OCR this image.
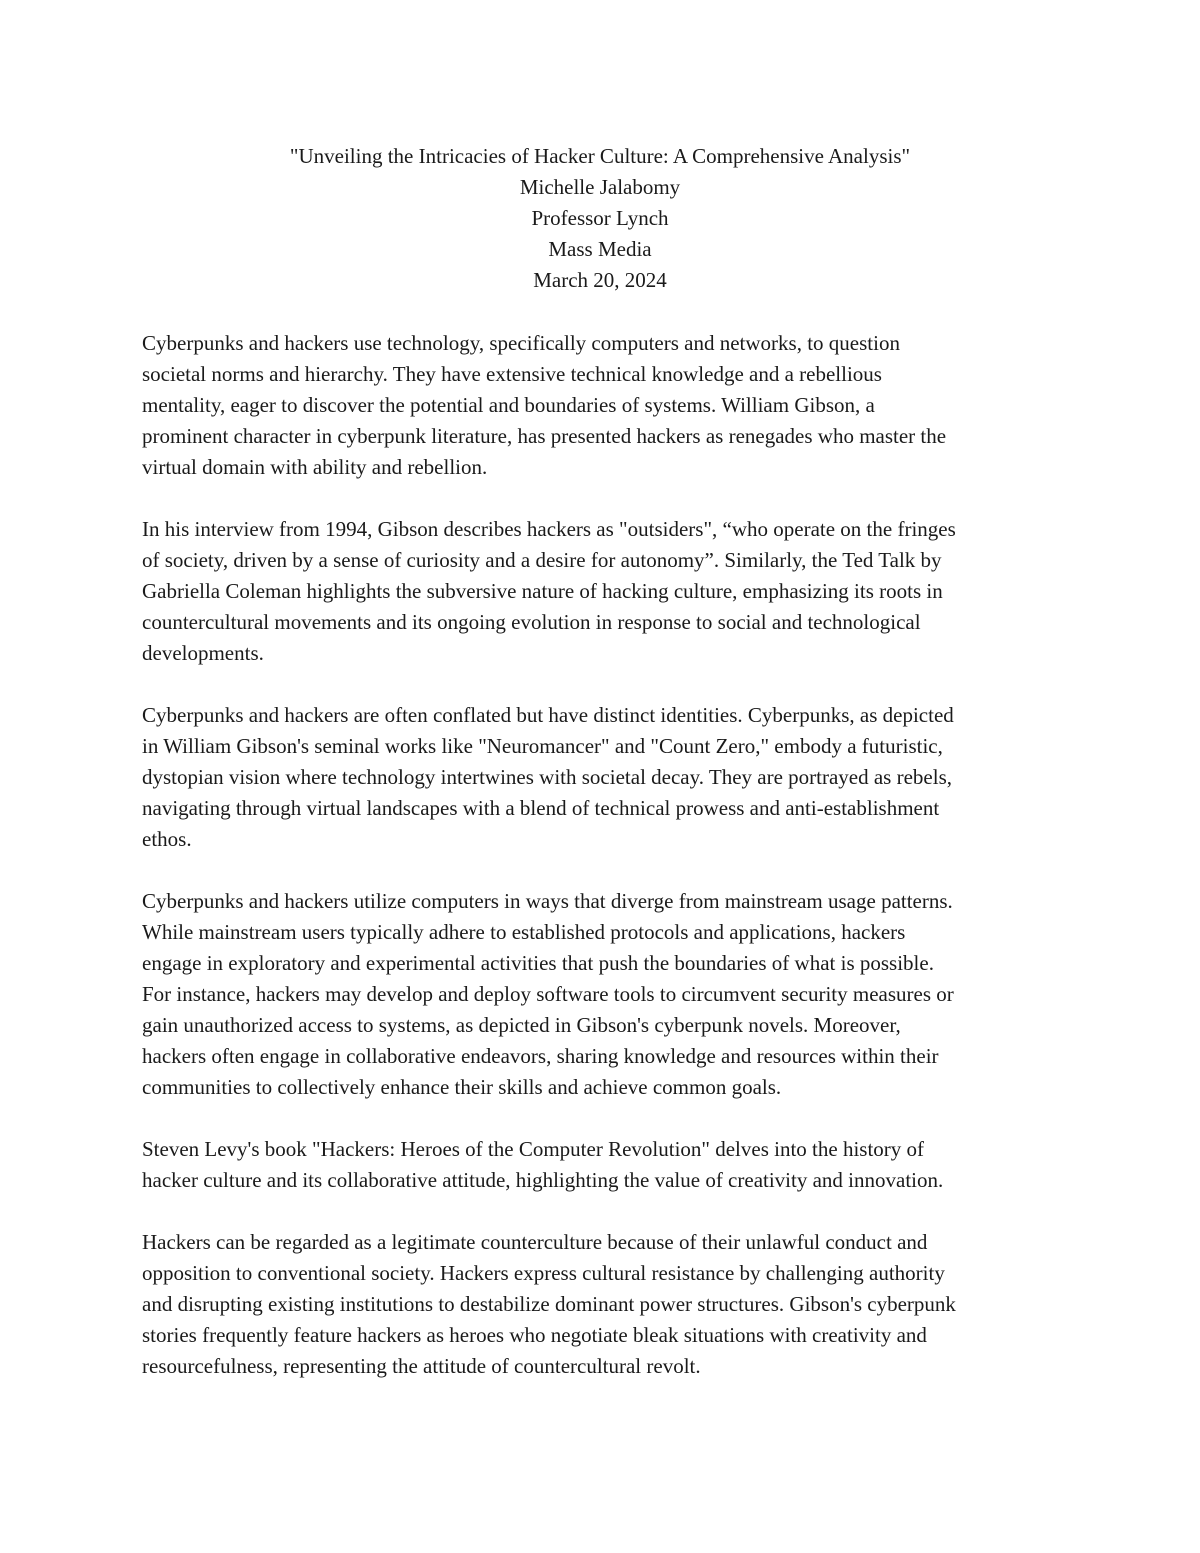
"Unveiling the Intricacies of Hacker Culture: A Comprehensive Analysis"
Michelle Jalabomy
Professor Lynch
Mass Media
March 20, 2024
Cyberpunks and hackers use technology, specifically computers and networks, to question
societal norms and hierarchy. They have extensive technical knowledge and a rebellious
mentality, eager to discover the potential and boundaries of systems. William Gibson, a
prominent character in cyberpunk literature, has presented hackers as renegades who master the
virtual domain with ability and rebellion.
In his interview from 1994, Gibson describes hackers as "outsiders", “who operate on the fringes
of society, driven by a sense of curiosity and a desire for autonomy”. Similarly, the Ted Talk by
Gabriella Coleman highlights the subversive nature of hacking culture, emphasizing its roots in
countercultural movements and its ongoing evolution in response to social and technological
developments.
Cyberpunks and hackers are often conflated but have distinct identities. Cyberpunks, as depicted
in William Gibson's seminal works like "Neuromancer" and "Count Zero," embody a futuristic,
dystopian vision where technology intertwines with societal decay. They are portrayed as rebels,
navigating through virtual landscapes with a blend of technical prowess and anti-establishment
ethos.
Cyberpunks and hackers utilize computers in ways that diverge from mainstream usage patterns.
While mainstream users typically adhere to established protocols and applications, hackers
engage in exploratory and experimental activities that push the boundaries of what is possible.
For instance, hackers may develop and deploy software tools to circumvent security measures or
gain unauthorized access to systems, as depicted in Gibson's cyberpunk novels. Moreover,
hackers often engage in collaborative endeavors, sharing knowledge and resources within their
communities to collectively enhance their skills and achieve common goals.
Steven Levy's book "Hackers: Heroes of the Computer Revolution" delves into the history of
hacker culture and its collaborative attitude, highlighting the value of creativity and innovation.
Hackers can be regarded as a legitimate counterculture because of their unlawful conduct and
opposition to conventional society. Hackers express cultural resistance by challenging authority
and disrupting existing institutions to destabilize dominant power structures. Gibson's cyberpunk
stories frequently feature hackers as heroes who negotiate bleak situations with creativity and
resourcefulness, representing the attitude of countercultural revolt.
